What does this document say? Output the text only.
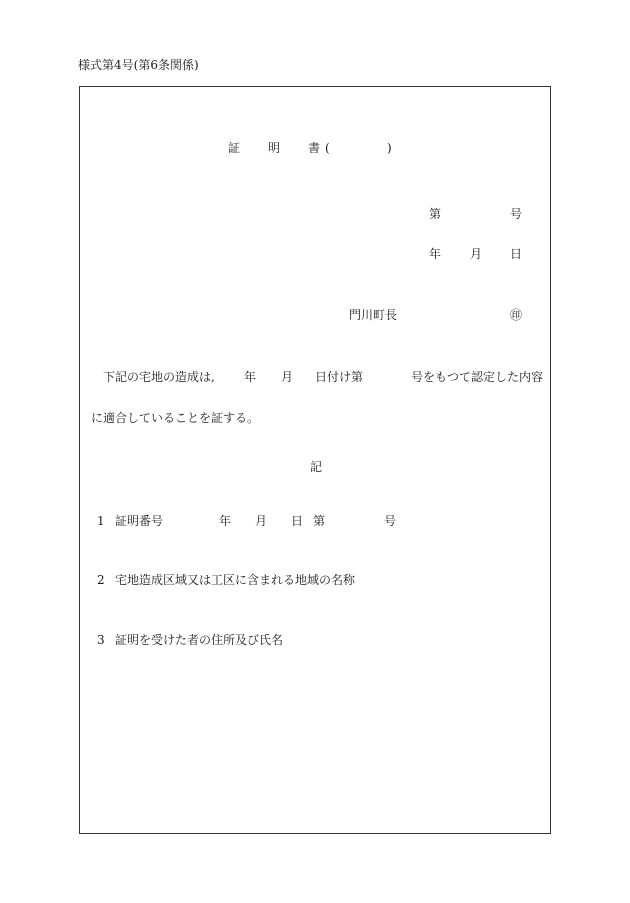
様式第4号(第6条関係)
証 明 書 (	)
第	号
年 月 日
門川町長	㊞
下記の宅地の造成は, 年 月 日付け第	号をもつて認定した内容
に適合していることを証する。
記
1 証明番号	年 月 日 第	号
2 宅地造成区域又は工区に含まれる地域の名称
3 証明を受けた者の住所及び氏名
